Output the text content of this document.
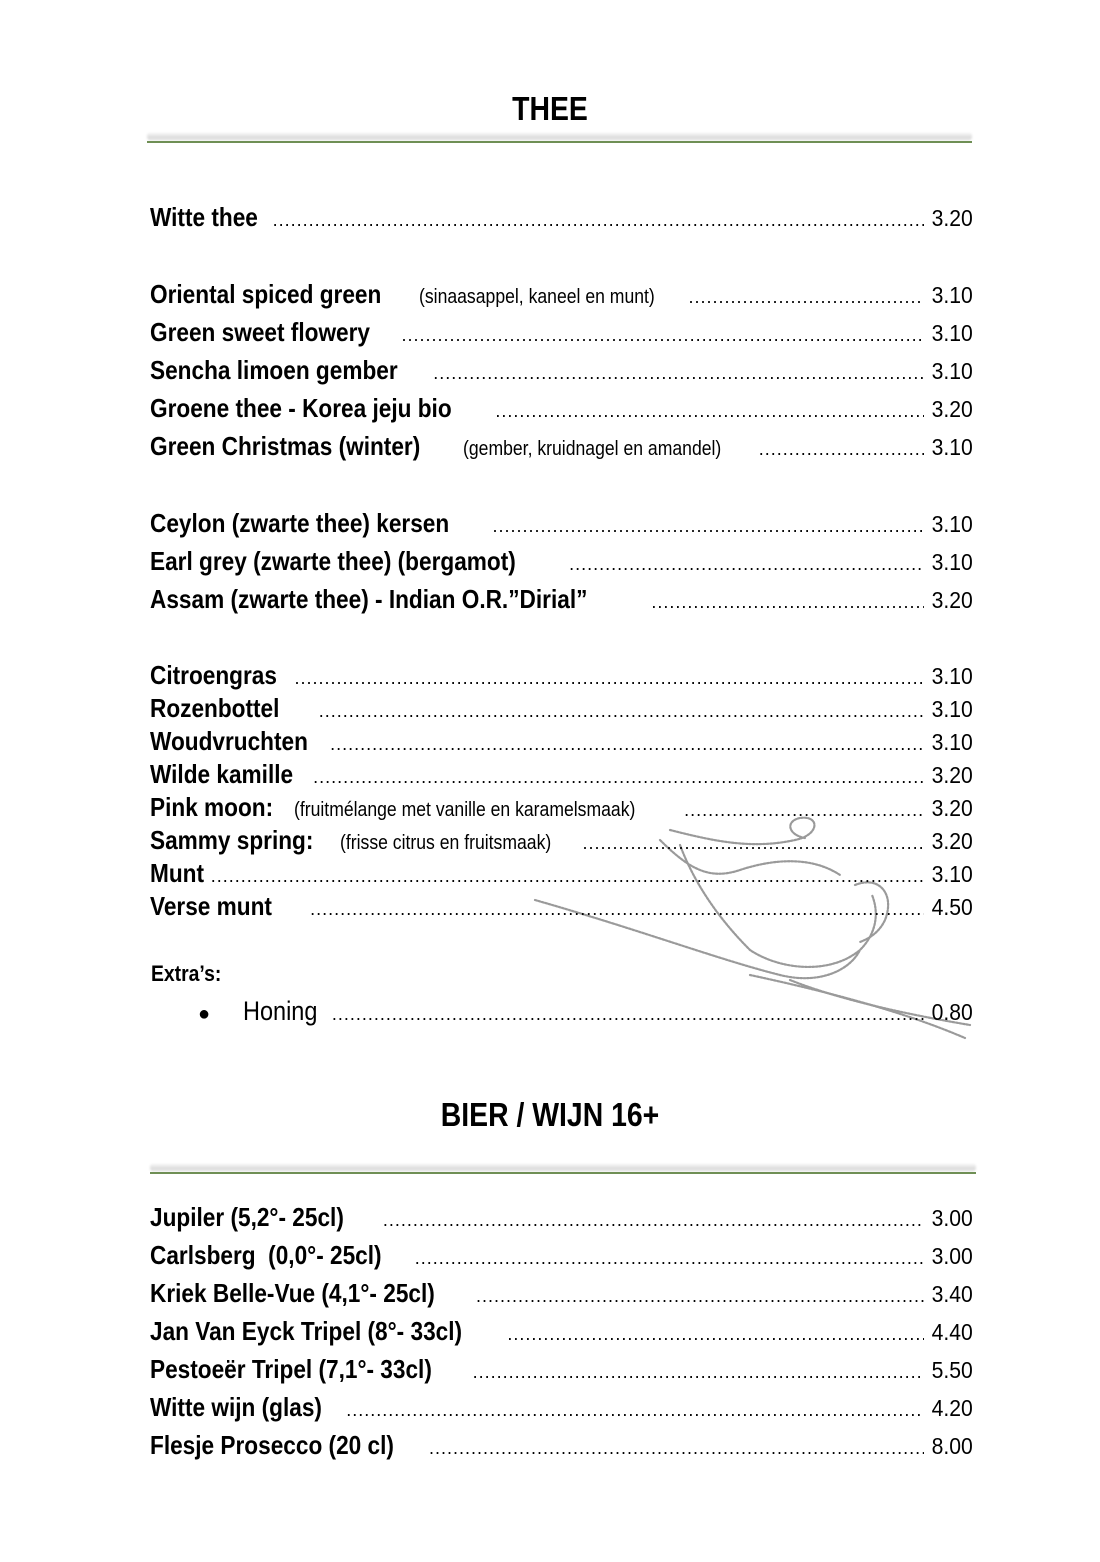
THEE
Witte thee .....	3.20
Oriental spiced green (sinaasappel, kaneel en munt) .....	3.10
Green sweet flowery .....	3.10
Sencha limoen gember .....	3.10
Groene thee - Korea jeju bio .....	3.20
Green Christmas (winter) (gember, kruidnagel en amandel) .....	3.10
Ceylon (zwarte thee) kersen .....	3.10
Earl grey (zwarte thee) (bergamot) .....	3.10
Assam (zwarte thee) - Indian O.R.”Dirial” .....	3.20
Citroengras .....	3.10
Rozenbottel .....	3.10
Woudvruchten .....	3.10
Wilde kamille .....	3.20
Pink moon: (fruitmélange met vanille en karamelsmaak) .....	3.20
Sammy spring: (frisse citrus en fruitsmaak) .....	3.20
Munt .....	3.10
Verse munt .....	4.50
Extra’s:
●	Honing .....	0.80
BIER / WIJN 16+
Jupiler (5,2°- 25cl) .....	3.00
Carlsberg  (0,0°- 25cl) .....	3.00
Kriek Belle-Vue (4,1°- 25cl) .....	3.40
Jan Van Eyck Tripel (8°- 33cl) .....	4.40
Pestoeër Tripel (7,1°- 33cl) .....	5.50
Witte wijn (glas) .....	4.20
Flesje Prosecco (20 cl) .....	8.00
